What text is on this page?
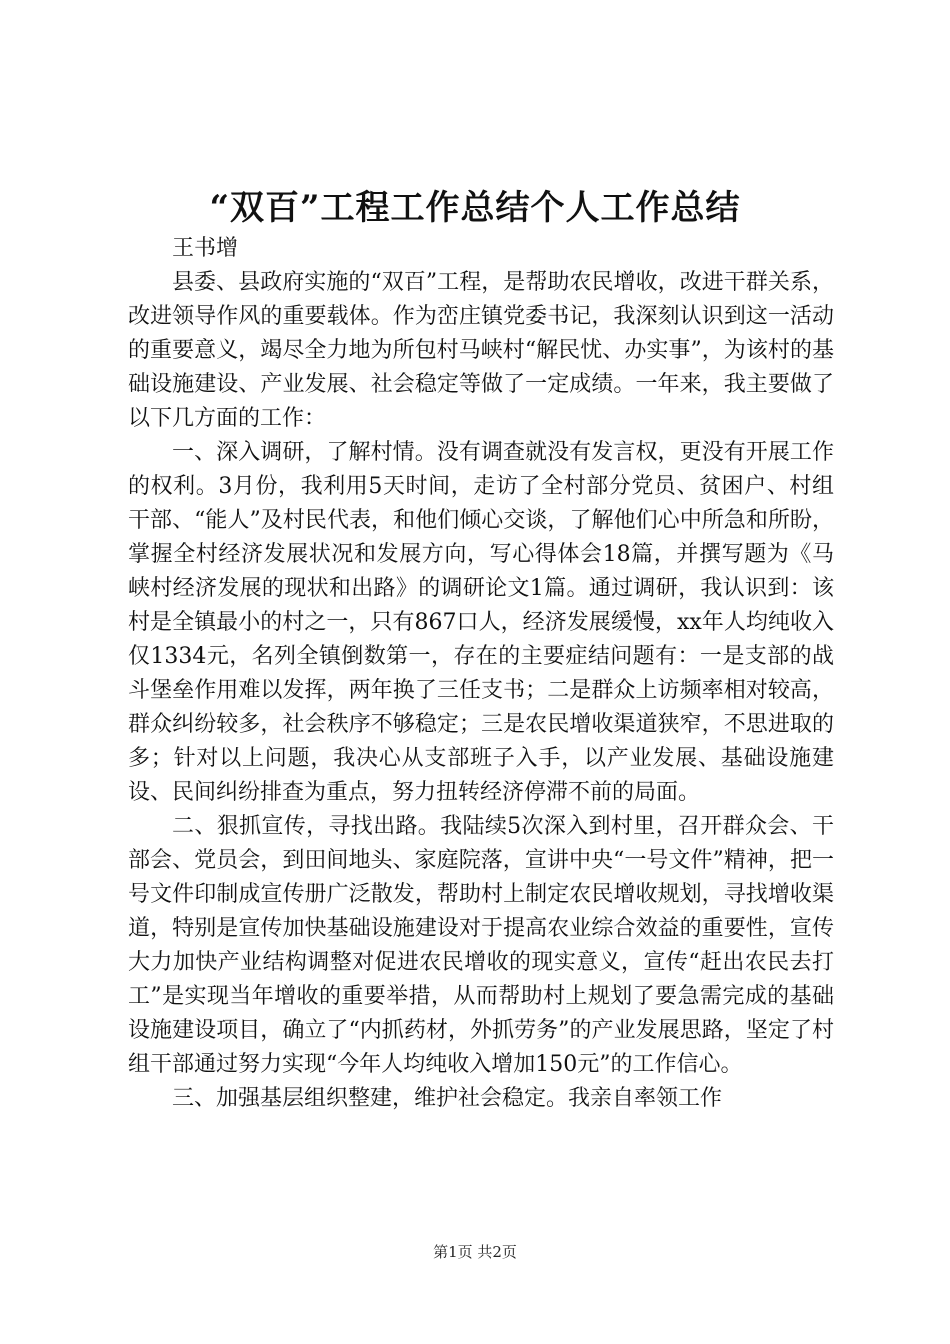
“双百”工程工作总结个人工作总结

王书增

县委、县政府实施的“双百”工程，是帮助农民增收，改进干群关系，改进领导作风的重要载体。作为峦庄镇党委书记，我深刻认识到这一活动的重要意义，竭尽全力地为所包村马峡村“解民忧、办实事”，为该村的基础设施建设、产业发展、社会稳定等做了一定成绩。一年来，我主要做了以下几方面的工作：

一、深入调研，了解村情。没有调查就没有发言权，更没有开展工作的权利。3月份，我利用5天时间，走访了全村部分党员、贫困户、村组干部、“能人”及村民代表，和他们倾心交谈，了解他们心中所急和所盼，掌握全村经济发展状况和发展方向，写心得体会18篇，并撰写题为《马峡村经济发展的现状和出路》的调研论文1篇。通过调研，我认识到：该村是全镇最小的村之一，只有867口人，经济发展缓慢，xx年人均纯收入仅1334元，名列全镇倒数第一，存在的主要症结问题有：一是支部的战斗堡垒作用难以发挥，两年换了三任支书；二是群众上访频率相对较高，群众纠纷较多，社会秩序不够稳定；三是农民增收渠道狭窄，不思进取的多；针对以上问题，我决心从支部班子入手，以产业发展、基础设施建设、民间纠纷排查为重点，努力扭转经济停滞不前的局面。

二、狠抓宣传，寻找出路。我陆续5次深入到村里，召开群众会、干部会、党员会，到田间地头、家庭院落，宣讲中央“一号文件”精神，把一号文件印制成宣传册广泛散发，帮助村上制定农民增收规划，寻找增收渠道，特别是宣传加快基础设施建设对于提高农业综合效益的重要性，宣传大力加快产业结构调整对促进农民增收的现实意义，宣传“赶出农民去打工”是实现当年增收的重要举措，从而帮助村上规划了要急需完成的基础设施建设项目，确立了“内抓药材，外抓劳务”的产业发展思路，坚定了村组干部通过努力实现“今年人均纯收入增加150元”的工作信心。

三、加强基层组织整建，维护社会稳定。我亲自率领工作

第1页 共2页
